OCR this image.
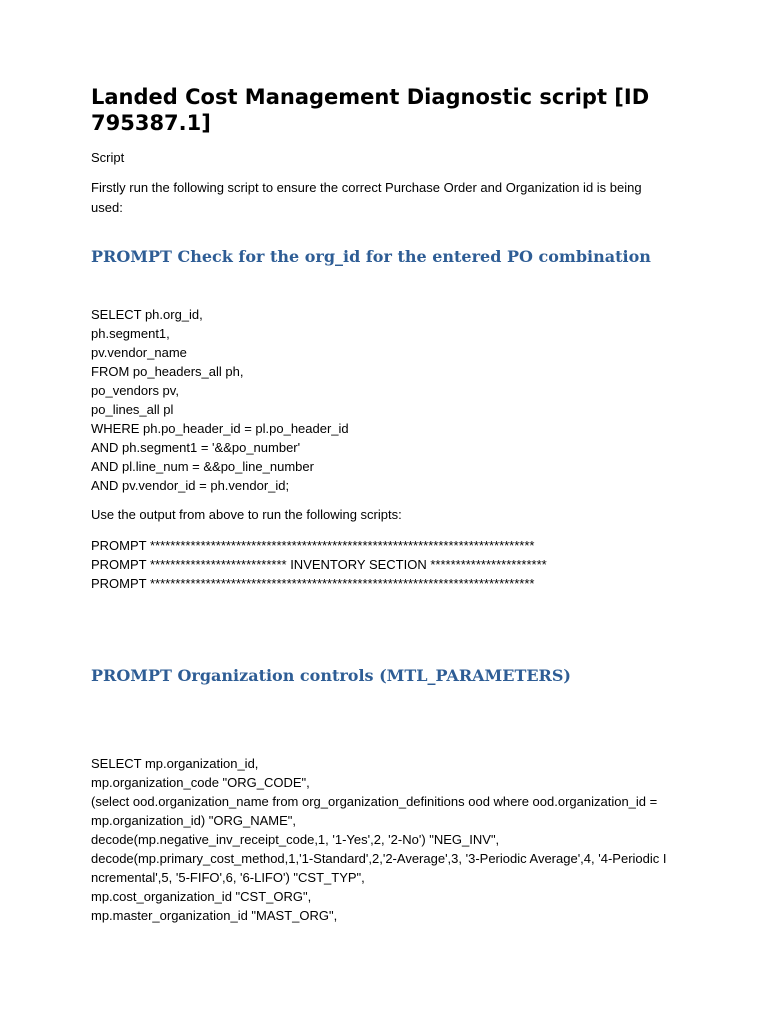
Landed Cost Management Diagnostic script [ID 795387.1]

Script

Firstly run the following script to ensure the correct Purchase Order and Organization id is being used:

PROMPT Check for the org_id for the entered PO combination
SELECT ph.org_id,
ph.segment1,
pv.vendor_name
FROM po_headers_all ph,
po_vendors pv,
po_lines_all pl
WHERE ph.po_header_id = pl.po_header_id
AND ph.segment1 = '&&po_number'
AND pl.line_num = &&po_line_number
AND pv.vendor_id = ph.vendor_id;

Use the output from above to run the following scripts:

PROMPT ****************************************************************************
PROMPT *************************** INVENTORY SECTION ***********************
PROMPT ****************************************************************************
PROMPT Organization controls (MTL_PARAMETERS)
SELECT mp.organization_id,
mp.organization_code "ORG_CODE",
(select ood.organization_name from org_organization_definitions ood where ood.organization_id =
mp.organization_id) "ORG_NAME",
decode(mp.negative_inv_receipt_code,1, '1-Yes',2, '2-No') "NEG_INV",
decode(mp.primary_cost_method,1,'1-Standard',2,'2-Average',3, '3-Periodic Average',4, '4-Periodic I
ncremental',5, '5-FIFO',6, '6-LIFO') "CST_TYP",
mp.cost_organization_id "CST_ORG",
mp.master_organization_id "MAST_ORG",
